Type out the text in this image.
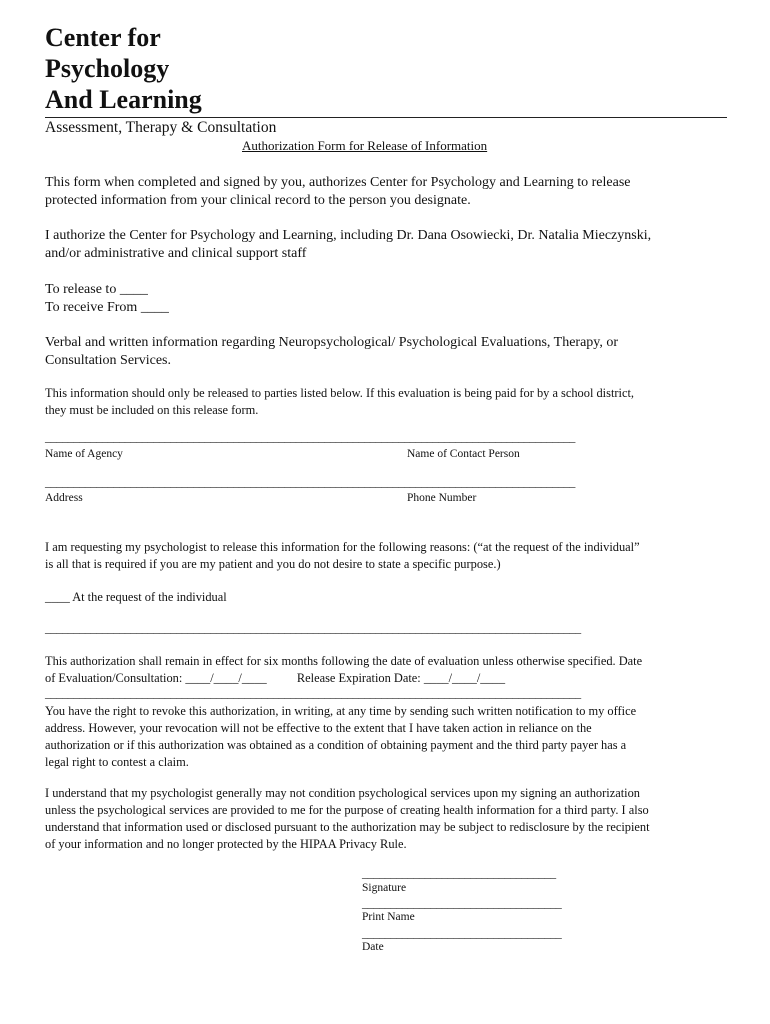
Center for
Psychology
And Learning
Assessment, Therapy & Consultation
Authorization Form for Release of Information
This form when completed and signed by you, authorizes Center for Psychology and Learning to release
protected information from your clinical record to the person you designate.
I authorize the Center for Psychology and Learning, including Dr. Dana Osowiecki, Dr. Natalia Mieczynski,
and/or administrative and clinical support staff
To release to ____
To receive From ____
Verbal and written information regarding Neuropsychological/ Psychological Evaluations, Therapy, or
Consultation Services.
This information should only be released to parties listed below. If this evaluation is being paid for by a school district,
they must be included on this release form.
_____________________________________________________________________________________________
Name of Agency	Name of Contact Person
_____________________________________________________________________________________________
Address	Phone Number
I am requesting my psychologist to release this information for the following reasons: (“at the request of the individual”
is all that is required if you are my patient and you do not desire to state a specific purpose.)
____ At the request of the individual
______________________________________________________________________________________________
This authorization shall remain in effect for six months following the date of evaluation unless otherwise specified. Date
of Evaluation/Consultation: ____/____/____ Release Expiration Date: ____/____/____
______________________________________________________________________________________________
You have the right to revoke this authorization, in writing, at any time by sending such written notification to my office
address. However, your revocation will not be effective to the extent that I have taken action in reliance on the
authorization or if this authorization was obtained as a condition of obtaining payment and the third party payer has a
legal right to contest a claim.
I understand that my psychologist generally may not condition psychological services upon my signing an authorization
unless the psychological services are provided to me for the purpose of creating health information for a third party. I also
understand that information used or disclosed pursuant to the authorization may be subject to redisclosure by the recipient
of your information and no longer protected by the HIPAA Privacy Rule.
__________________________________
Signature
___________________________________
Print Name
___________________________________
Date
